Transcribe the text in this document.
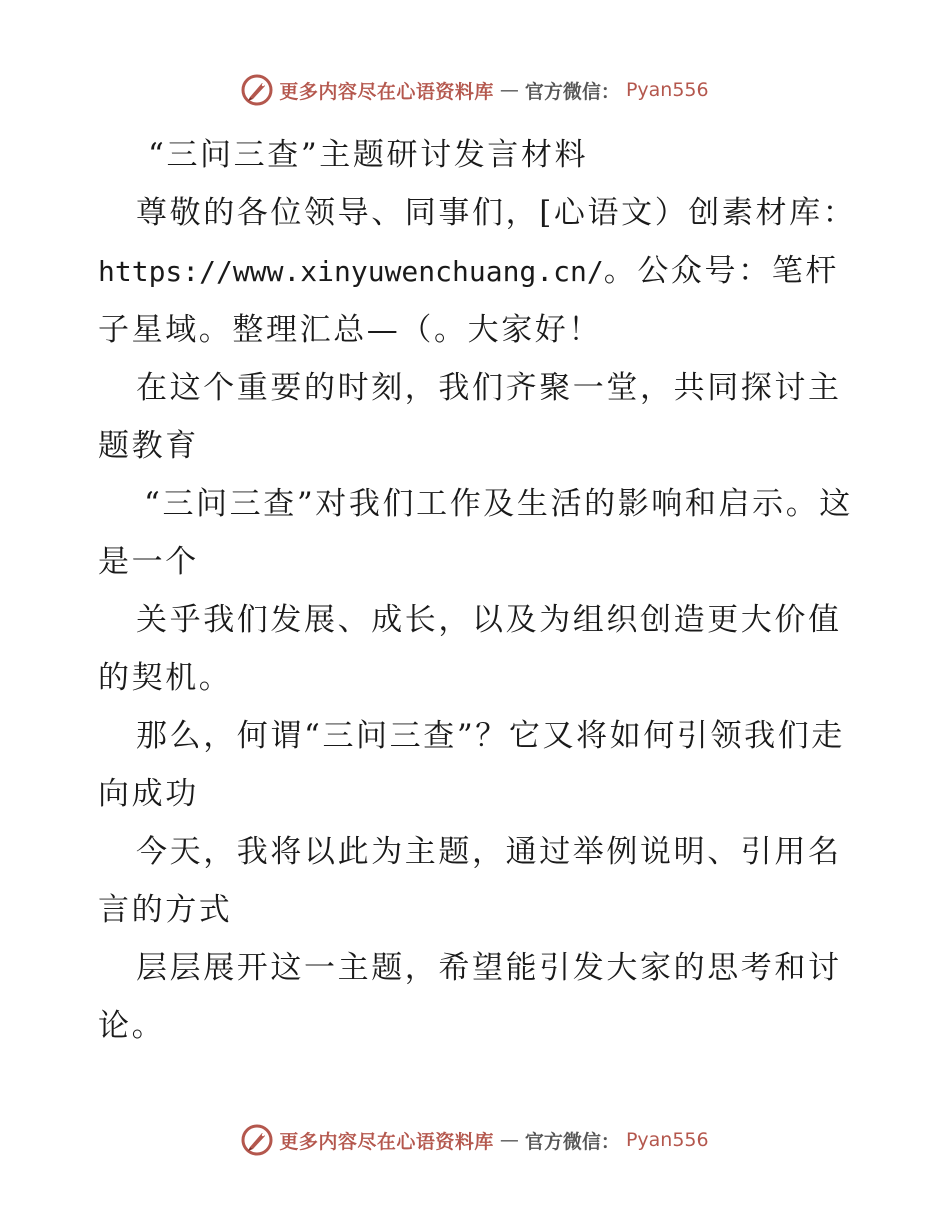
更多内容尽在心语资料库 — 官方微信： Pyan556

“三问三查”主题研讨发言材料

尊敬的各位领导、同事们，[心语文）创素材库：https://www.xinyuwenchuang.cn/。公众号：笔杆子星域。整理汇总—（。大家好！

在这个重要的时刻，我们齐聚一堂，共同探讨主题教育

“三问三查”对我们工作及生活的影响和启示。这是一个

关乎我们发展、成长，以及为组织创造更大价值的契机。

那么，何谓“三问三查”？它又将如何引领我们走向成功

今天，我将以此为主题，通过举例说明、引用名言的方式

层层展开这一主题，希望能引发大家的思考和讨论。

更多内容尽在心语资料库 — 官方微信： Pyan556
